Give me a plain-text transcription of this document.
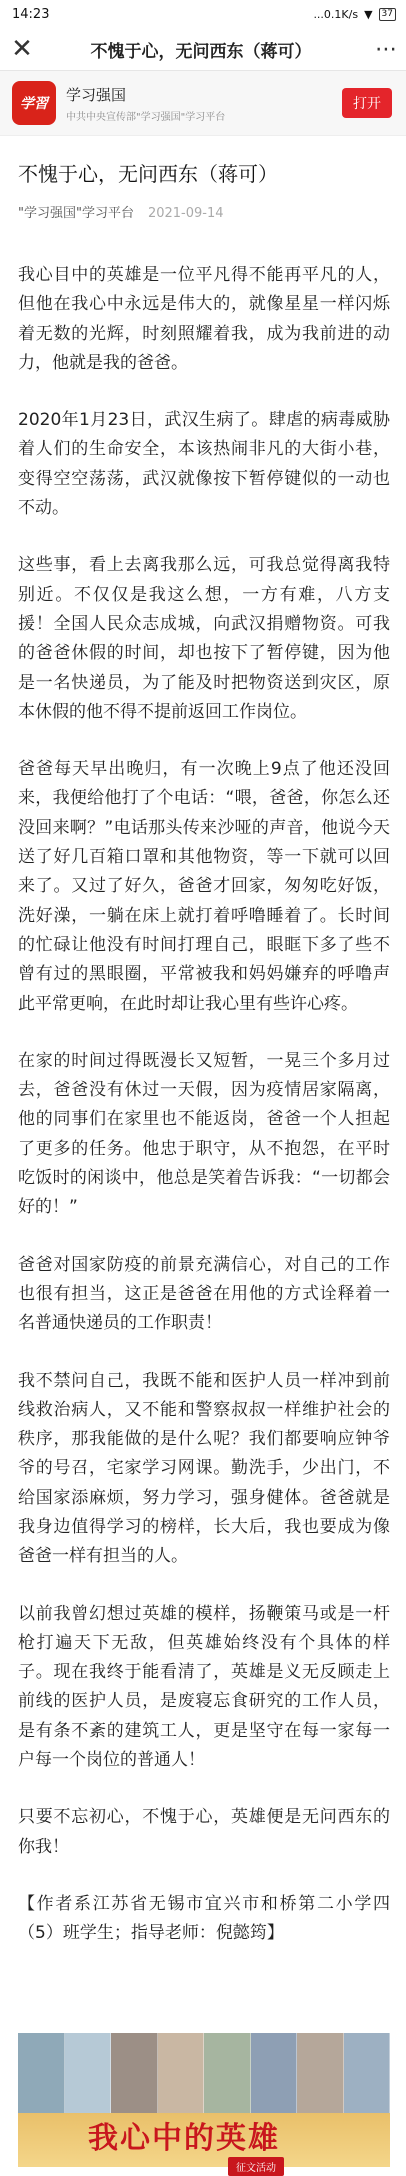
14:23	...0.1K/s ▼	37
✕	不愧于心，无问西东（蒋可）	⋯
学習
学习强国
中共中央宣传部"学习强国"学习平台
打开
不愧于心，无问西东（蒋可）
"学习强国"学习平台 2021-09-14

我心目中的英雄是一位平凡得不能再平凡的人，但他在我心中永远是伟大的，就像星星一样闪烁着无数的光辉，时刻照耀着我，成为我前进的动力，他就是我的爸爸。

2020年1月23日，武汉生病了。肆虐的病毒威胁着人们的生命安全，本该热闹非凡的大街小巷，变得空空荡荡，武汉就像按下暂停键似的一动也不动。

这些事，看上去离我那么远，可我总觉得离我特别近。不仅仅是我这么想，一方有难，八方支援！全国人民众志成城，向武汉捐赠物资。可我的爸爸休假的时间，却也按下了暂停键，因为他是一名快递员，为了能及时把物资送到灾区，原本休假的他不得不提前返回工作岗位。

爸爸每天早出晚归，有一次晚上9点了他还没回来，我便给他打了个电话：“喂，爸爸，你怎么还没回来啊？”电话那头传来沙哑的声音，他说今天送了好几百箱口罩和其他物资，等一下就可以回来了。又过了好久，爸爸才回家，匆匆吃好饭，洗好澡，一躺在床上就打着呼噜睡着了。长时间的忙碌让他没有时间打理自己，眼眶下多了些不曾有过的黑眼圈，平常被我和妈妈嫌弃的呼噜声此平常更响，在此时却让我心里有些许心疼。

在家的时间过得既漫长又短暂，一晃三个多月过去，爸爸没有休过一天假，因为疫情居家隔离，他的同事们在家里也不能返岗，爸爸一个人担起了更多的任务。他忠于职守，从不抱怨，在平时吃饭时的闲谈中，他总是笑着告诉我：“一切都会好的！”

爸爸对国家防疫的前景充满信心，对自己的工作也很有担当，这正是爸爸在用他的方式诠释着一名普通快递员的工作职责！

我不禁问自己，我既不能和医护人员一样冲到前线救治病人，又不能和警察叔叔一样维护社会的秩序，那我能做的是什么呢？我们都要响应钟爷爷的号召，宅家学习网课。勤洗手，少出门，不给国家添麻烦，努力学习，强身健体。爸爸就是我身边值得学习的榜样，长大后，我也要成为像爸爸一样有担当的人。

以前我曾幻想过英雄的模样，扬鞭策马或是一杆枪打遍天下无敌，但英雄始终没有个具体的样子。现在我终于能看清了，英雄是义无反顾走上前线的医护人员，是废寝忘食研究的工作人员，是有条不紊的建筑工人，更是坚守在每一家每一户每一个岗位的普通人！

只要不忘初心，不愧于心，英雄便是无问西东的你我！

【作者系江苏省无锡市宜兴市和桥第二小学四（5）班学生；指导老师：倪懿筠】

我心中的英雄
征文活动
